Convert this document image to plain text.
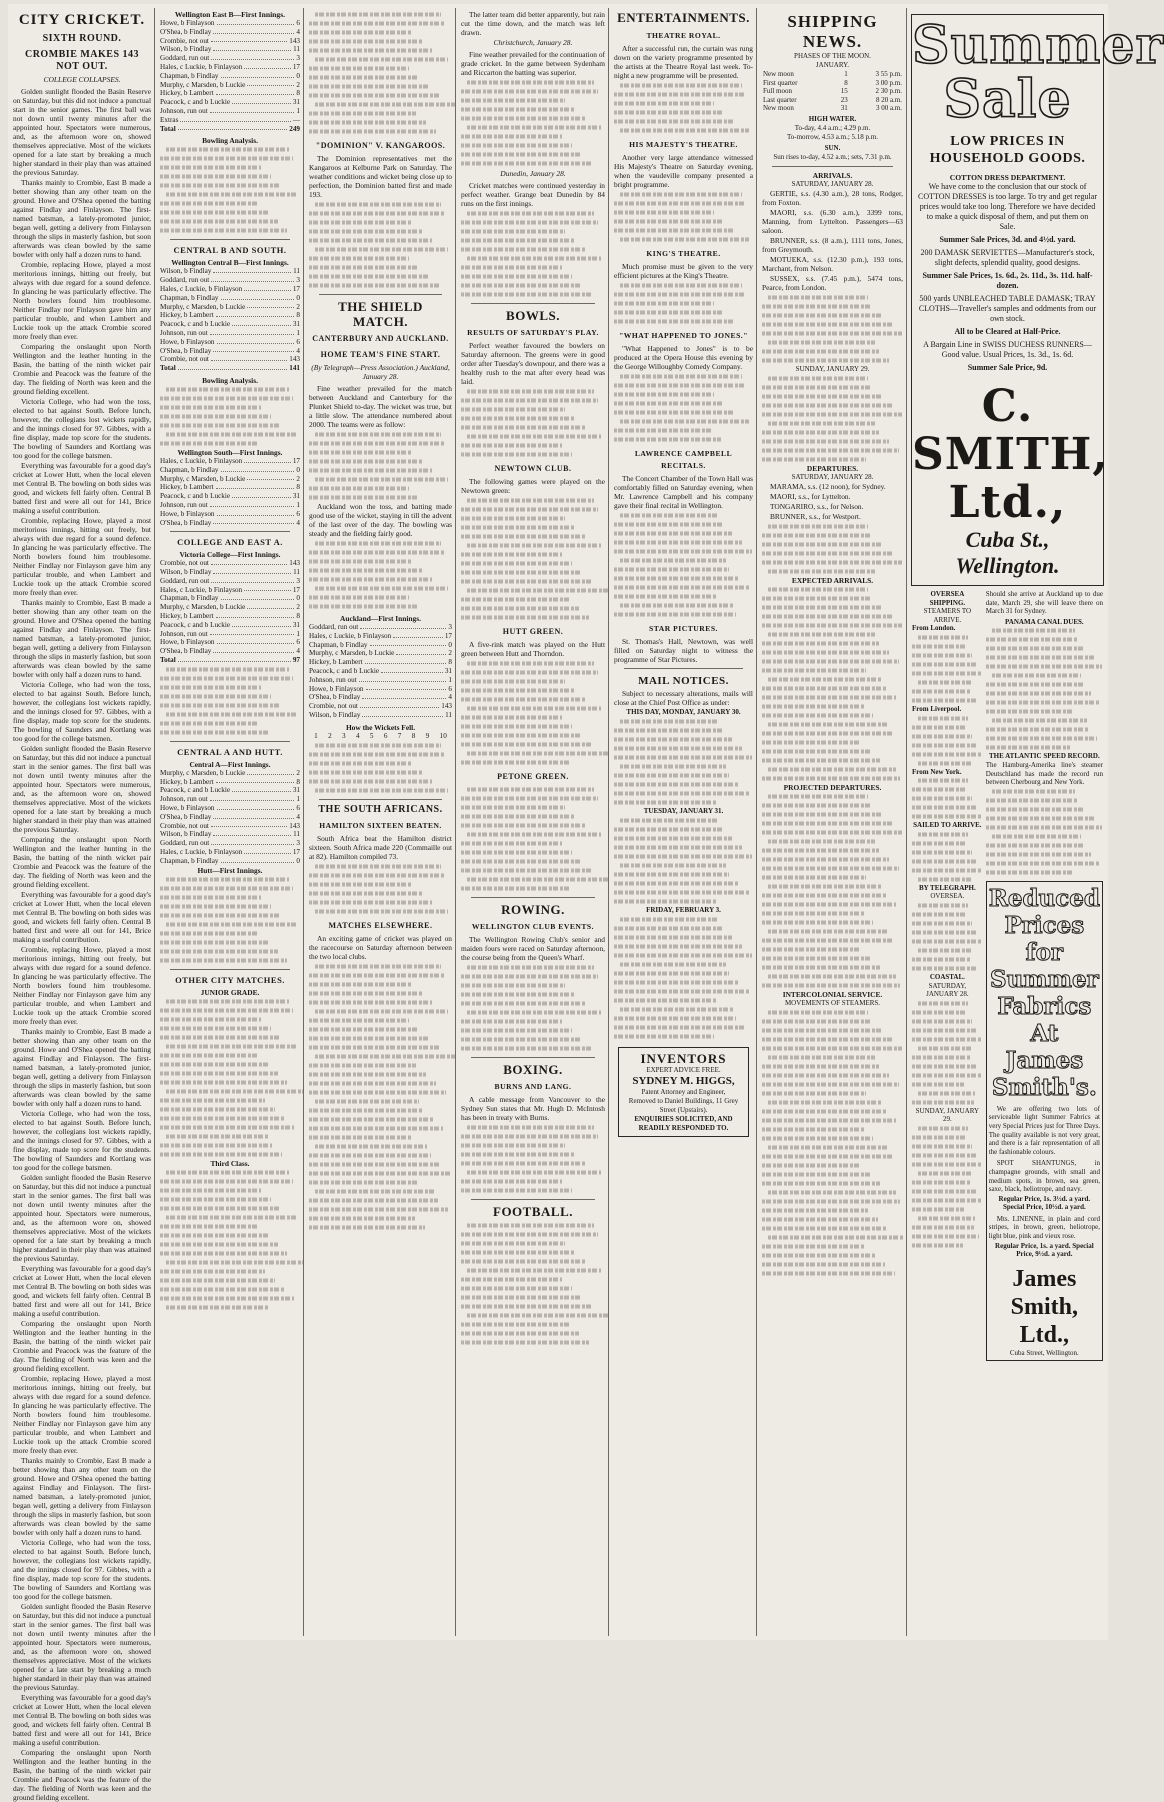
CITY CRICKET.
SIXTH ROUND.
CROMBIE MAKES 143 NOT OUT.
COLLEGE COLLAPSES.

Golden sunlight flooded the Basin Reserve on Saturday, but this did not induce a punctual start in the senior games. The first ball was not down until twenty minutes after the appointed hour. Spectators were numerous, and, as the afternoon wore on, showed themselves appreciative. Most of the wickets opened for a late start by breaking a much higher standard in their play than was attained the previous Saturday.

Thanks mainly to Crombie, East B made a better showing than any other team on the ground. Howe and O'Shea opened the batting against Findlay and Finlayson. The first-named batsman, a lately-promoted junior, began well, getting a delivery from Finlayson through the slips in masterly fashion, but soon afterwards was clean bowled by the same bowler with only half a dozen runs to hand.

Crombie, replacing Howe, played a most meritorious innings, hitting out freely, but always with due regard for a sound defence. In glancing he was particularly effective. The North bowlers found him troublesome. Neither Findlay nor Finlayson gave him any particular trouble, and when Lambert and Luckie took up the attack Crombie scored more freely than ever.

Comparing the onslaught upon North Wellington and the leather hunting in the Basin, the batting of the ninth wicket pair Crombie and Peacock was the feature of the day. The fielding of North was keen and the ground fielding excellent.

Victoria College, who had won the toss, elected to bat against South. Before lunch, however, the collegians lost wickets rapidly, and the innings closed for 97. Gibbes, with a fine display, made top score for the students. The bowling of Saunders and Kortlang was too good for the college batsmen.

Everything was favourable for a good day's cricket at Lower Hutt, when the local eleven met Central B. The bowling on both sides was good, and wickets fell fairly often. Central B batted first and were all out for 141, Brice making a useful contribution.

Crombie, replacing Howe, played a most meritorious innings, hitting out freely, but always with due regard for a sound defence. In glancing he was particularly effective. The North bowlers found him troublesome. Neither Findlay nor Finlayson gave him any particular trouble, and when Lambert and Luckie took up the attack Crombie scored more freely than ever.

Thanks mainly to Crombie, East B made a better showing than any other team on the ground. Howe and O'Shea opened the batting against Findlay and Finlayson. The first-named batsman, a lately-promoted junior, began well, getting a delivery from Finlayson through the slips in masterly fashion, but soon afterwards was clean bowled by the same bowler with only half a dozen runs to hand.

Victoria College, who had won the toss, elected to bat against South. Before lunch, however, the collegians lost wickets rapidly, and the innings closed for 97. Gibbes, with a fine display, made top score for the students. The bowling of Saunders and Kortlang was too good for the college batsmen.

Golden sunlight flooded the Basin Reserve on Saturday, but this did not induce a punctual start in the senior games. The first ball was not down until twenty minutes after the appointed hour. Spectators were numerous, and, as the afternoon wore on, showed themselves appreciative. Most of the wickets opened for a late start by breaking a much higher standard in their play than was attained the previous Saturday.

Comparing the onslaught upon North Wellington and the leather hunting in the Basin, the batting of the ninth wicket pair Crombie and Peacock was the feature of the day. The fielding of North was keen and the ground fielding excellent.

Everything was favourable for a good day's cricket at Lower Hutt, when the local eleven met Central B. The bowling on both sides was good, and wickets fell fairly often. Central B batted first and were all out for 141, Brice making a useful contribution.

Crombie, replacing Howe, played a most meritorious innings, hitting out freely, but always with due regard for a sound defence. In glancing he was particularly effective. The North bowlers found him troublesome. Neither Findlay nor Finlayson gave him any particular trouble, and when Lambert and Luckie took up the attack Crombie scored more freely than ever.

Thanks mainly to Crombie, East B made a better showing than any other team on the ground. Howe and O'Shea opened the batting against Findlay and Finlayson. The first-named batsman, a lately-promoted junior, began well, getting a delivery from Finlayson through the slips in masterly fashion, but soon afterwards was clean bowled by the same bowler with only half a dozen runs to hand.

Victoria College, who had won the toss, elected to bat against South. Before lunch, however, the collegians lost wickets rapidly, and the innings closed for 97. Gibbes, with a fine display, made top score for the students. The bowling of Saunders and Kortlang was too good for the college batsmen.

Golden sunlight flooded the Basin Reserve on Saturday, but this did not induce a punctual start in the senior games. The first ball was not down until twenty minutes after the appointed hour. Spectators were numerous, and, as the afternoon wore on, showed themselves appreciative. Most of the wickets opened for a late start by breaking a much higher standard in their play than was attained the previous Saturday.

Everything was favourable for a good day's cricket at Lower Hutt, when the local eleven met Central B. The bowling on both sides was good, and wickets fell fairly often. Central B batted first and were all out for 141, Brice making a useful contribution.

Comparing the onslaught upon North Wellington and the leather hunting in the Basin, the batting of the ninth wicket pair Crombie and Peacock was the feature of the day. The fielding of North was keen and the ground fielding excellent.

Crombie, replacing Howe, played a most meritorious innings, hitting out freely, but always with due regard for a sound defence. In glancing he was particularly effective. The North bowlers found him troublesome. Neither Findlay nor Finlayson gave him any particular trouble, and when Lambert and Luckie took up the attack Crombie scored more freely than ever.

Thanks mainly to Crombie, East B made a better showing than any other team on the ground. Howe and O'Shea opened the batting against Findlay and Finlayson. The first-named batsman, a lately-promoted junior, began well, getting a delivery from Finlayson through the slips in masterly fashion, but soon afterwards was clean bowled by the same bowler with only half a dozen runs to hand.

Victoria College, who had won the toss, elected to bat against South. Before lunch, however, the collegians lost wickets rapidly, and the innings closed for 97. Gibbes, with a fine display, made top score for the students. The bowling of Saunders and Kortlang was too good for the college batsmen.

Golden sunlight flooded the Basin Reserve on Saturday, but this did not induce a punctual start in the senior games. The first ball was not down until twenty minutes after the appointed hour. Spectators were numerous, and, as the afternoon wore on, showed themselves appreciative. Most of the wickets opened for a late start by breaking a much higher standard in their play than was attained the previous Saturday.

Everything was favourable for a good day's cricket at Lower Hutt, when the local eleven met Central B. The bowling on both sides was good, and wickets fell fairly often. Central B batted first and were all out for 141, Brice making a useful contribution.

Comparing the onslaught upon North Wellington and the leather hunting in the Basin, the batting of the ninth wicket pair Crombie and Peacock was the feature of the day. The fielding of North was keen and the ground fielding excellent.

Wellington East B—First Innings.
Howe, b Finlayson	6
O'Shea, b Findlay	4
Crombie, not out	143
Wilson, b Findlay	11
Goddard, run out	3
Hales, c Luckie, b Finlayson	17
Chapman, b Findlay	0
Murphy, c Marsden, b Luckie	2
Hickey, b Lambert	8
Peacock, c and b Luckie	31
Johnson, run out	1
Extras	—
Total	249
Bowling Analysis.
CENTRAL B AND SOUTH.
Wellington Central B—First Innings.
Wilson, b Findlay	11
Goddard, run out	3
Hales, c Luckie, b Finlayson	17
Chapman, b Findlay	0
Murphy, c Marsden, b Luckie	2
Hickey, b Lambert	8
Peacock, c and b Luckie	31
Johnson, run out	1
Howe, b Finlayson	6
O'Shea, b Findlay	4
Crombie, not out	143
Total	141
Bowling Analysis.
Wellington South—First Innings.
Hales, c Luckie, b Finlayson	17
Chapman, b Findlay	0
Murphy, c Marsden, b Luckie	2
Hickey, b Lambert	8
Peacock, c and b Luckie	31
Johnson, run out	1
Howe, b Finlayson	6
O'Shea, b Findlay	4
COLLEGE AND EAST A.
Victoria College—First Innings.
Crombie, not out	143
Wilson, b Findlay	11
Goddard, run out	3
Hales, c Luckie, b Finlayson	17
Chapman, b Findlay	0
Murphy, c Marsden, b Luckie	2
Hickey, b Lambert	8
Peacock, c and b Luckie	31
Johnson, run out	1
Howe, b Finlayson	6
O'Shea, b Findlay	4
Total	97
CENTRAL A AND HUTT.
Central A—First Innings.
Murphy, c Marsden, b Luckie	2
Hickey, b Lambert	8
Peacock, c and b Luckie	31
Johnson, run out	1
Howe, b Finlayson	6
O'Shea, b Findlay	4
Crombie, not out	143
Wilson, b Findlay	11
Goddard, run out	3
Hales, c Luckie, b Finlayson	17
Chapman, b Findlay	0
Hutt—First Innings.
OTHER CITY MATCHES.
JUNIOR GRADE.
Third Class.
"DOMINION" V. KANGAROOS.

The Dominion representatives met the Kangaroos at Kelburne Park on Saturday. The weather conditions and wicket being close up to perfection, the Dominion batted first and made 193.

THE SHIELD MATCH.
CANTERBURY AND AUCKLAND.
HOME TEAM'S FINE START.
(By Telegraph—Press Association.) Auckland, January 28.

Fine weather prevailed for the match between Auckland and Canterbury for the Plunket Shield to-day. The wicket was true, but a little slow. The attendance numbered about 2000. The teams were as follow:

Auckland won the toss, and batting made good use of the wicket, staying in till the advent of the last over of the day. The bowling was steady and the fielding fairly good.

Auckland—First Innings.
Goddard, run out	3
Hales, c Luckie, b Finlayson	17
Chapman, b Findlay	0
Murphy, c Marsden, b Luckie	2
Hickey, b Lambert	8
Peacock, c and b Luckie	31
Johnson, run out	1
Howe, b Finlayson	6
O'Shea, b Findlay	4
Crombie, not out	143
Wilson, b Findlay	11
How the Wickets Fell.
1 2 3 4 5 6 7 8 9 10
THE SOUTH AFRICANS.
HAMILTON SIXTEEN BEATEN.

South Africa beat the Hamilton district sixteen. South Africa made 220 (Commaille out at 82). Hamilton compiled 73.

MATCHES ELSEWHERE.

An exciting game of cricket was played on the racecourse on Saturday afternoon between the two local clubs.

The latter team did better apparently, but rain cut the time down, and the match was left drawn.

Christchurch, January 28.

Fine weather prevailed for the continuation of grade cricket. In the game between Sydenham and Riccarton the batting was superior.

Dunedin, January 28.

Cricket matches were continued yesterday in perfect weather. Grange beat Dunedin by 84 runs on the first innings.

BOWLS.
RESULTS OF SATURDAY'S PLAY.

Perfect weather favoured the bowlers on Saturday afternoon. The greens were in good order after Tuesday's downpour, and there was a healthy rush to the mat after every head was laid.

NEWTOWN CLUB.

The following games were played on the Newtown green:

HUTT GREEN.

A five-rink match was played on the Hutt green between Hutt and Thorndon.

PETONE GREEN.
ROWING.
WELLINGTON CLUB EVENTS.

The Wellington Rowing Club's senior and maiden fours were raced on Saturday afternoon, the course being from the Queen's Wharf.

BOXING.
BURNS AND LANG.

A cable message from Vancouver to the Sydney Sun states that Mr. Hugh D. McIntosh has been in treaty with Burns.

FOOTBALL.
ENTERTAINMENTS.
THEATRE ROYAL.

After a successful run, the curtain was rung down on the variety programme presented by the artists at the Theatre Royal last week. To-night a new programme will be presented.

HIS MAJESTY'S THEATRE.

Another very large attendance witnessed His Majesty's Theatre on Saturday evening, when the vaudeville company presented a bright programme.

KING'S THEATRE.

Much promise must be given to the very efficient pictures at the King's Theatre.

"WHAT HAPPENED TO JONES."

"What Happened to Jones" is to be produced at the Opera House this evening by the George Willoughby Comedy Company.

LAWRENCE CAMPBELL RECITALS.

The Concert Chamber of the Town Hall was comfortably filled on Saturday evening, when Mr. Lawrence Campbell and his company gave their final recital in Wellington.

STAR PICTURES.

St. Thomas's Hall, Newtown, was well filled on Saturday night to witness the programme of Star Pictures.

MAIL NOTICES.

Subject to necessary alterations, mails will close at the Chief Post Office as under:

THIS DAY, MONDAY, JANUARY 30.
TUESDAY, JANUARY 31.
FRIDAY, FEBRUARY 3.
INVENTORS
EXPERT ADVICE FREE.
SYDNEY M. HIGGS,
Patent Attorney and Engineer,
Removed to Daniel Buildings, 11 Grey Street (Upstairs).
ENQUIRIES SOLICITED, AND READILY RESPONDED TO.
SHIPPING NEWS.
PHASES OF THE MOON.
JANUARY.
New moon	1	3 55 p.m.
First quarter	8	3 00 p.m.
Full moon	15	2 30 p.m.
Last quarter	23	8 20 a.m.
New moon	31	3 00 a.m.
HIGH WATER.
To-day, 4.4 a.m.; 4.29 p.m.
To-morrow, 4.53 a.m.; 5.18 p.m.
SUN.
Sun rises to-day, 4.52 a.m.; sets, 7.31 p.m.
ARRIVALS.
SATURDAY, JANUARY 28.

GERTIE, s.s. (4.30 a.m.), 28 tons, Rodger, from Foxton.

MAORI, s.s. (6.30 a.m.), 3399 tons, Manning, from Lyttelton. Passengers—63 saloon.

BRUNNER, s.s. (8 a.m.), 1111 tons, Jones, from Greymouth.

MOTUEKA, s.s. (12.30 p.m.), 193 tons, Marchant, from Nelson.

SUSSEX, s.s. (7.45 p.m.), 5474 tons, Pearce, from London.

SUNDAY, JANUARY 29.
DEPARTURES.
SATURDAY, JANUARY 28.

MARAMA, s.s. (12 noon), for Sydney.

MAORI, s.s., for Lyttelton.

TONGARIRO, s.s., for Nelson.

BRUNNER, s.s., for Westport.

EXPECTED ARRIVALS.
PROJECTED DEPARTURES.
INTERCOLONIAL SERVICE.
MOVEMENTS OF STEAMERS.
Summer
Sale
LOW PRICES IN HOUSEHOLD GOODS.
COTTON DRESS DEPARTMENT.
We have come to the conclusion that our stock of COTTON DRESSES is too large. To try and get regular prices would take too long. Therefore we have decided to make a quick disposal of them, and put them on Sale.
Summer Sale Prices, 3d. and 4½d. yard.
200 DAMASK SERVIETTES—Manufacturer's stock, slight defects, splendid quality, good designs.
Summer Sale Prices, 1s. 6d., 2s. 11d., 3s. 11d. half-dozen.
500 yards UNBLEACHED TABLE DAMASK; TRAY CLOTHS—Traveller's samples and oddments from our own stock.
All to be Cleared at Half-Price.
A Bargain Line in SWISS DUCHESS RUNNERS—Good value. Usual Prices, 1s. 3d., 1s. 6d.
Summer Sale Price, 9d.
C. SMITH, Ltd.,
Cuba St., Wellington.
OVERSEA SHIPPING.
STEAMERS TO ARRIVE.
From London.
From Liverpool.
From New York.
SAILED TO ARRIVE.
BY TELEGRAPH.
OVERSEA.
COASTAL.
SATURDAY, JANUARY 28.
SUNDAY, JANUARY 29.

Should she arrive at Auckland up to due date, March 29, she will leave there on March 31 for Sydney.

PANAMA CANAL DUES.
THE ATLANTIC SPEED RECORD.

The Hamburg-Amerika line's steamer Deutschland has made the record run between Cherbourg and New York.

Reduced Prices for
Summer Fabrics
At James Smith's.

We are offering two lots of serviceable light Summer Fabrics at very Special Prices just for Three Days. The quality available is not very great, and there is a fair representation of all the fashionable colours.

SPOT SHANTUNGS, in champagne grounds, with small and medium spots, in brown, sea green, saxe, black, heliotrope, and navy.

Regular Price, 1s. 3½d. a yard. Special Price, 10½d. a yard.

Mts. LINENNE, in plain and cord stripes, in brown, green, heliotrope, light blue, pink and vieux rose.

Regular Price, 1s. a yard. Special Price, 9½d. a yard.
James Smith, Ltd.,
Cuba Street, Wellington.
